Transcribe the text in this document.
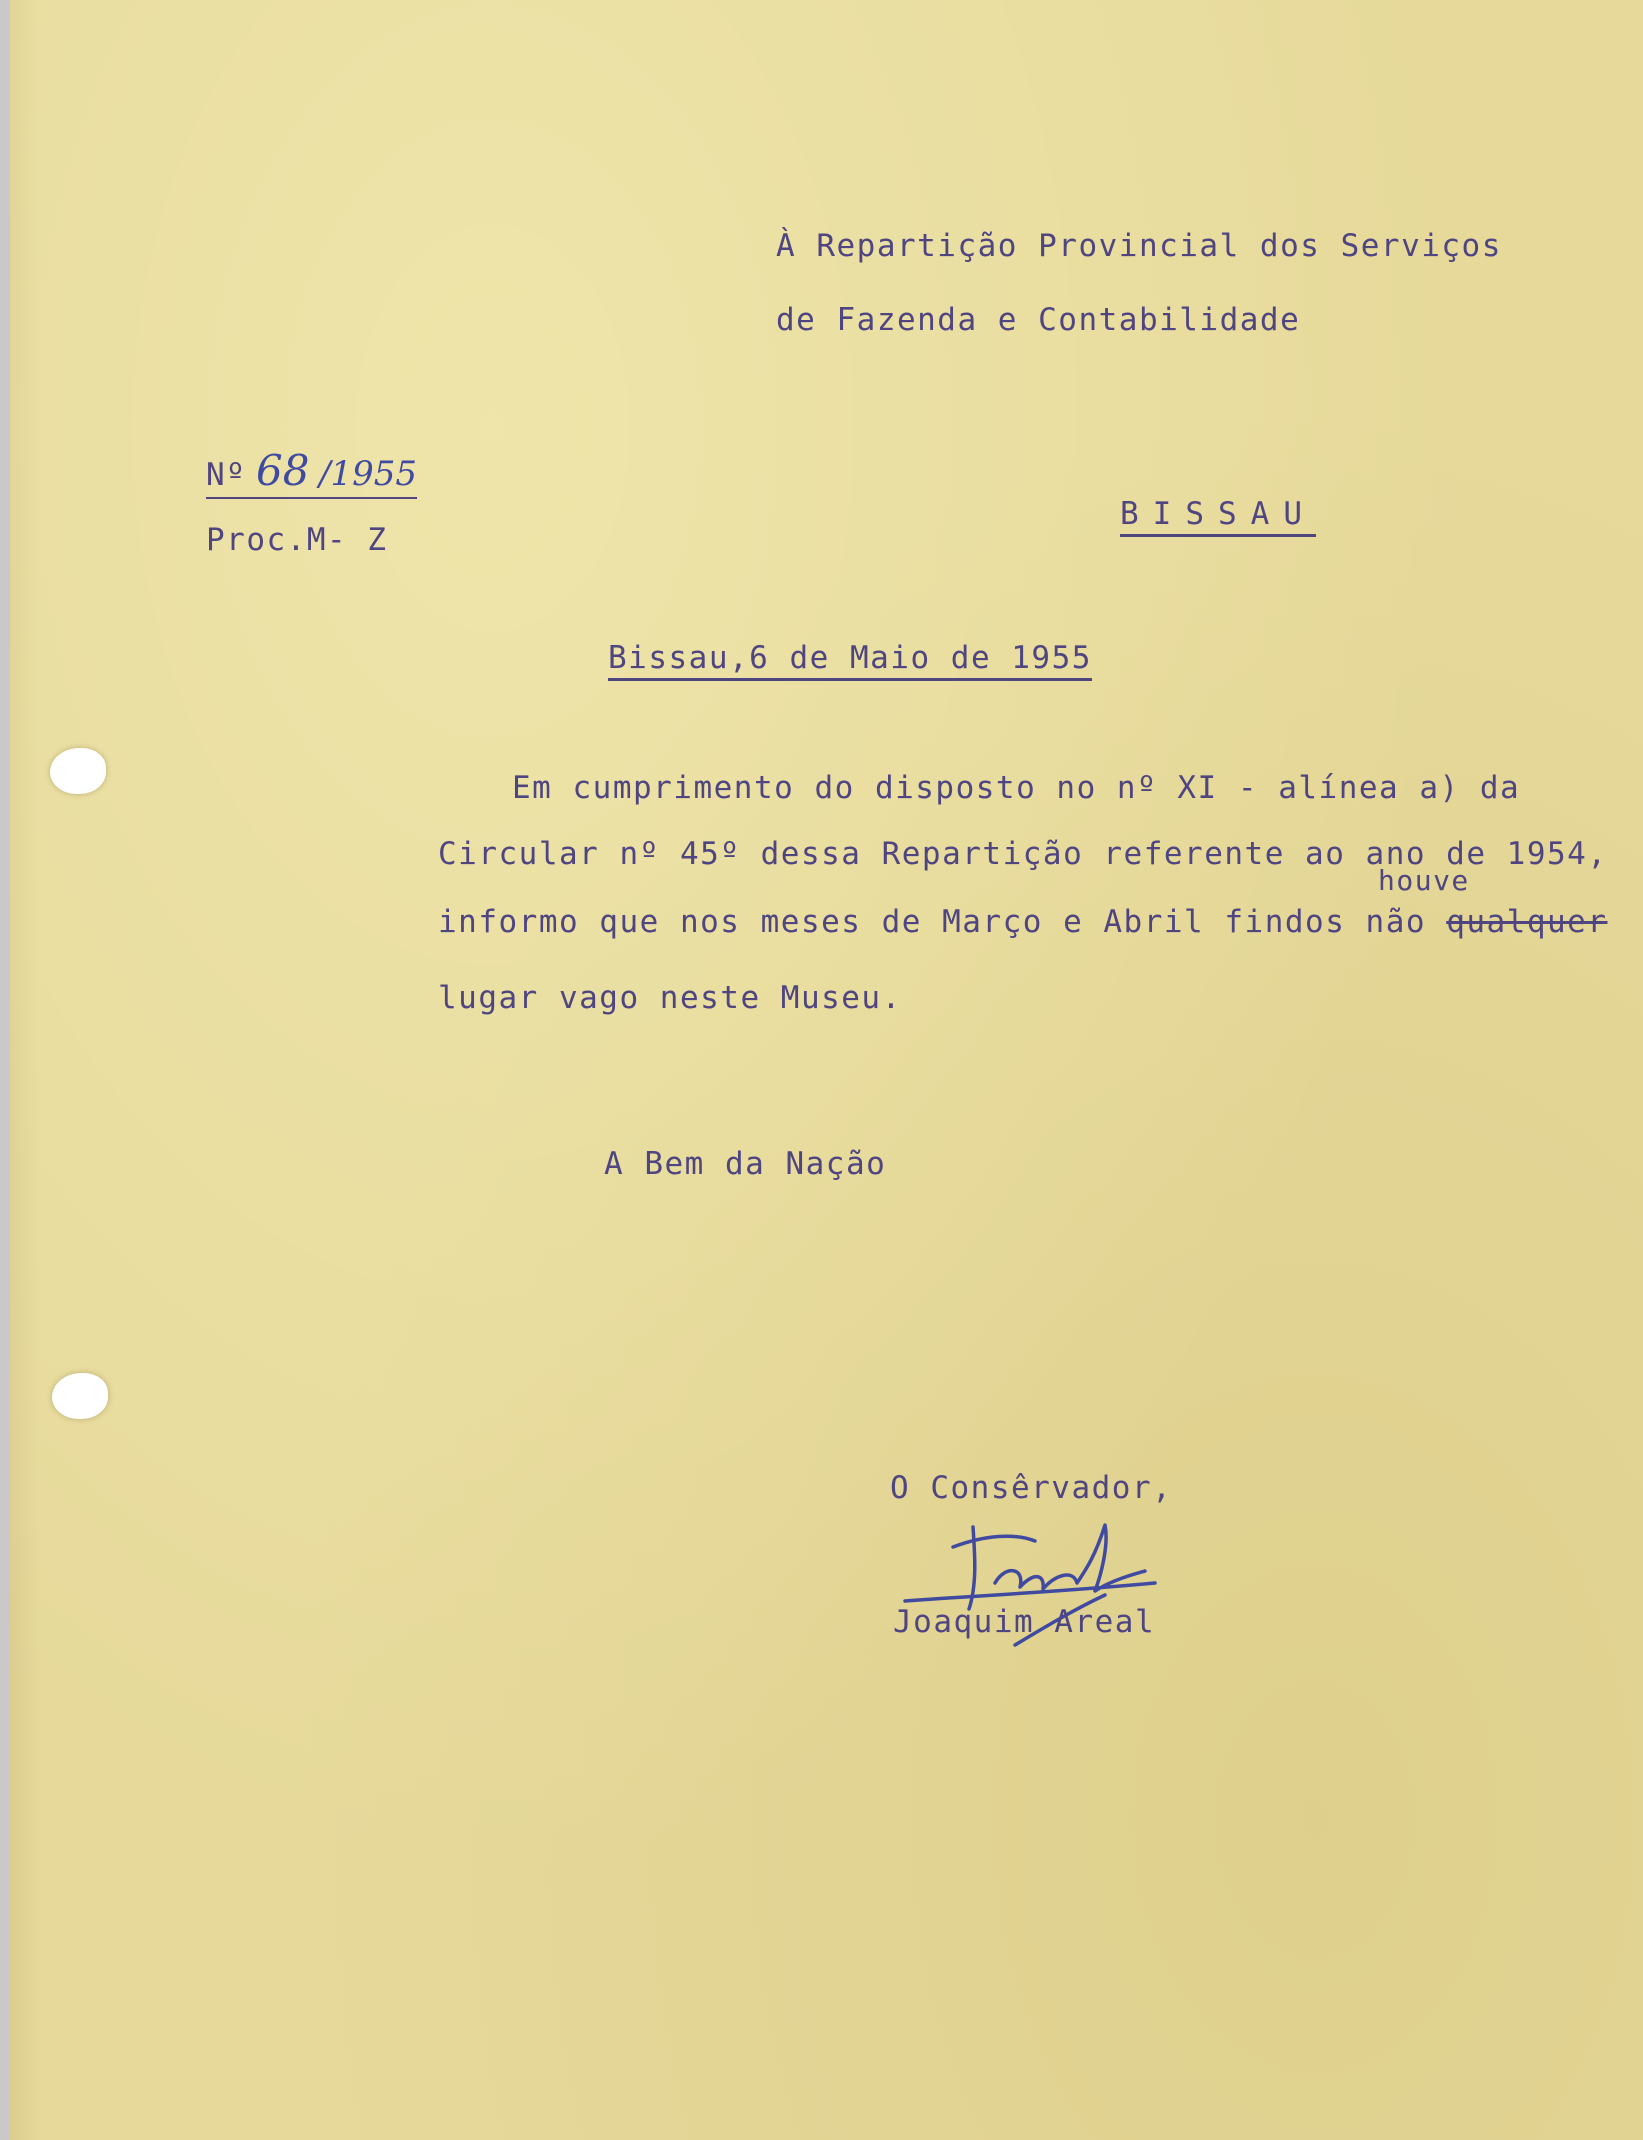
À Repartição Provincial dos Serviços
de Fazenda e Contabilidade
Nº 68 /1955
Proc.M- Z
BISSAU
Bissau,6 de Maio de 1955
Em cumprimento do disposto no nº XI - alínea a) da
Circular nº 45º dessa Repartição referente ao ano de 1954,
houve
informo que nos meses de Março e Abril findos não qualquer
lugar vago neste Museu.
A Bem da Nação
O Consêrvador,
Joaquim Areal
